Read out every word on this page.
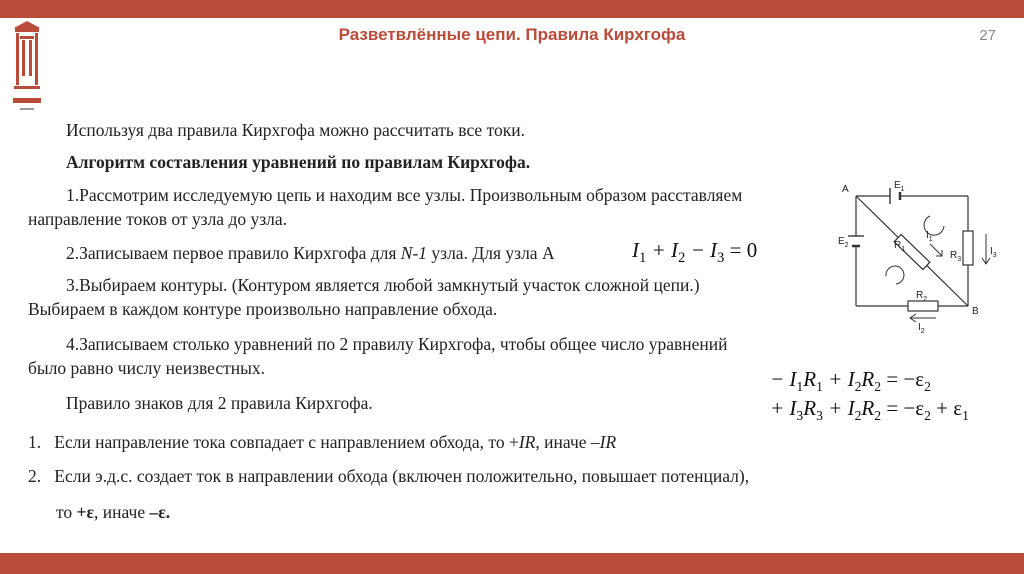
Разветвлённые цепи. Правила Кирхгофа	27
Используя два правила Кирхгофа можно рассчитать все токи.
Алгоритм составления уравнений по правилам Кирхгофа.
1.Рассмотрим исследуемую цепь и находим все узлы. Произвольным образом расставляем
направление токов от узла до узла.
2.Записываем первое правило Кирхгофа для N-1 узла. Для узла А	$I_1 + I_2 - I_3 = 0$
3.Выбираем контуры. (Контуром является любой замкнутый участок сложной цепи.)
Выбираем в каждом контуре произвольно направление обхода.
4.Записываем столько уравнений по 2 правилу Кирхгофа, чтобы общее число уравнений
было равно числу неизвестных.
Правило знаков для 2 правила Кирхгофа.
1. Если направление тока совпадает с направлением обхода, то +IR, иначе –IR
2. Если э.д.с. создает ток в направлении обхода (включен положительно, повышает потенциал),
то +ε, иначе –ε.
− $I_1R_1 + I_2R_2 = -\varepsilon_2$
+ $I_3R_3 + I_2R_2 = -\varepsilon_2 + \varepsilon_1$
A
B
$E_1$
$E_2$	$R_1$
$R_2$
$R_3$
$I_1$
$I_2$
$I_3$
